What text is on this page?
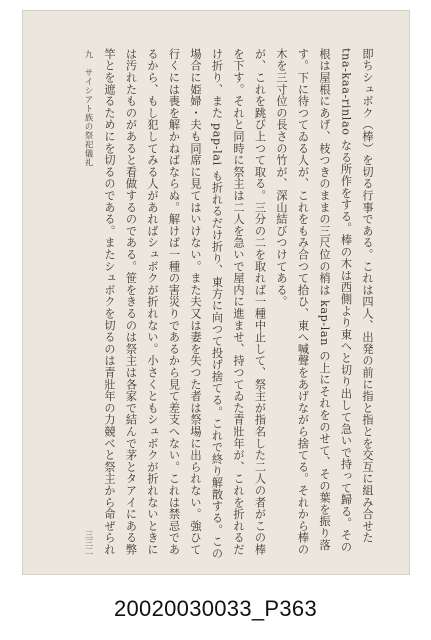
九　サイシアト族の祭祀儀礼
三三二	即ちシュボク（棒）を切る行事である。これは四人、出発の前に指と指とを交互に組み合せた tna-kaa-rinlao なる所作をする。棒の木は西側より東へと切り出して急いで持って歸る。その根は屋根にあげ、枝つきのままの三尺位の梢は kap-lan の上にそれをのせて、その葉を振り落す。下に待つてゐる人が、これをもみ合つて拾ひ、東へ喊聲をあげながら捨てる。それから棒の木を三寸位の長さの竹が、深山結びつけてある。

が、これを跳び上つて取る。三分の二を取れば一種中止して、祭主が指名した二人の者がこの棒を下す。それと同時に祭主は二人を急いで屋内に進ませ、持つてゐた青壯年が、これを折れるだけ折り、また pap-lai も折れるだけ折り、東方に向つて投げ捨てる。これで終り解散する。この場合に姫婦・夫も同席に見てはいけない。また夫又は妻を失つた者は祭場に出られない。強ひて行くには喪を解かねばならぬ。解けば一種の害災りであるから見て差支へない。これは禁忌であるから、もし犯してみる人があればシュボクが折れない。小さくともシュボクが折れないときには汚れたものがあると看做するのである。笹をきるのは祭主は各家で結んで茅とタアイにある弊竿とを遮るためにを切るのである。またシュボクを切るのは青壯年の力競べと祭主から命ぜられ

20020030033_P363
